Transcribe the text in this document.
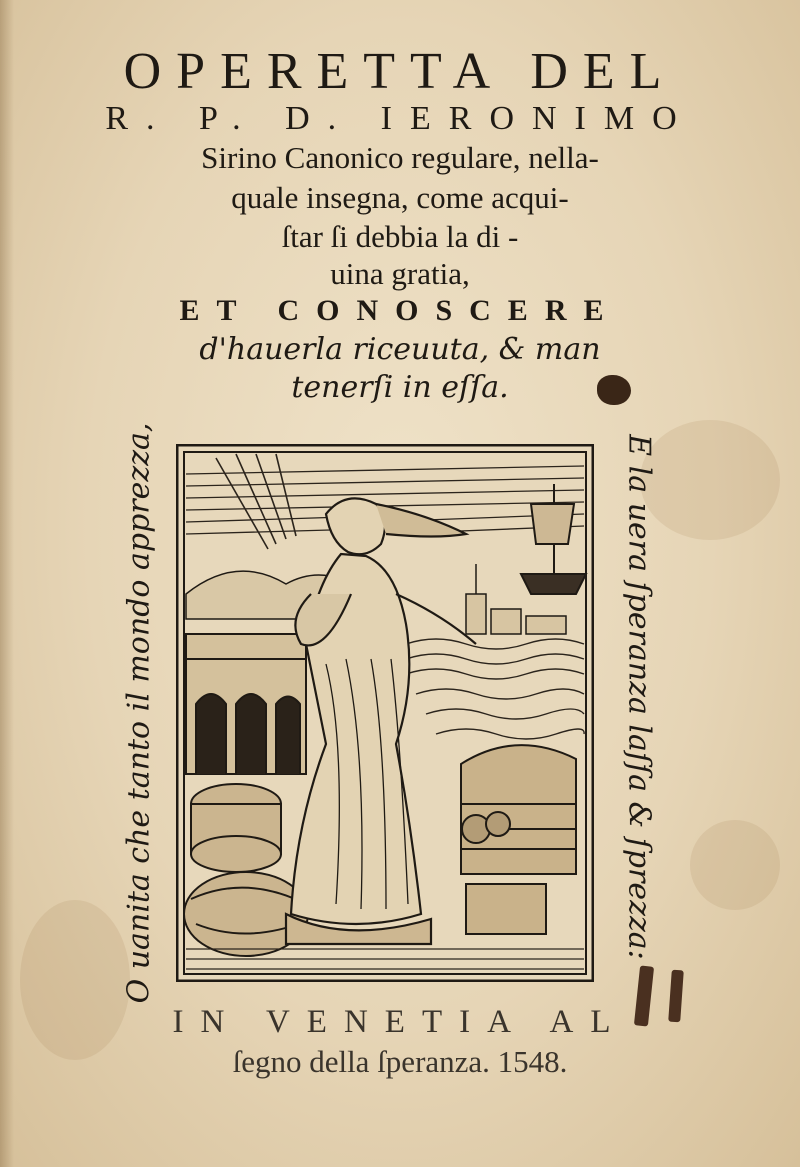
OPERETTA DEL
R. P. D. IERONIMO
Sirino Canonico regulare, nella-
quale insegna, come acqui-
ſtar ſi debbia la di -
uina gratia,
ET CONOSCERE
d'hauerla riceuuta, & man
tenerſi in eſſa.
O uanita che tanto il mondo apprezza,	E la uera ſperanza laſſa & ſprezza:
IN VENETIA AL
ſegno della ſperanza. 1548.
